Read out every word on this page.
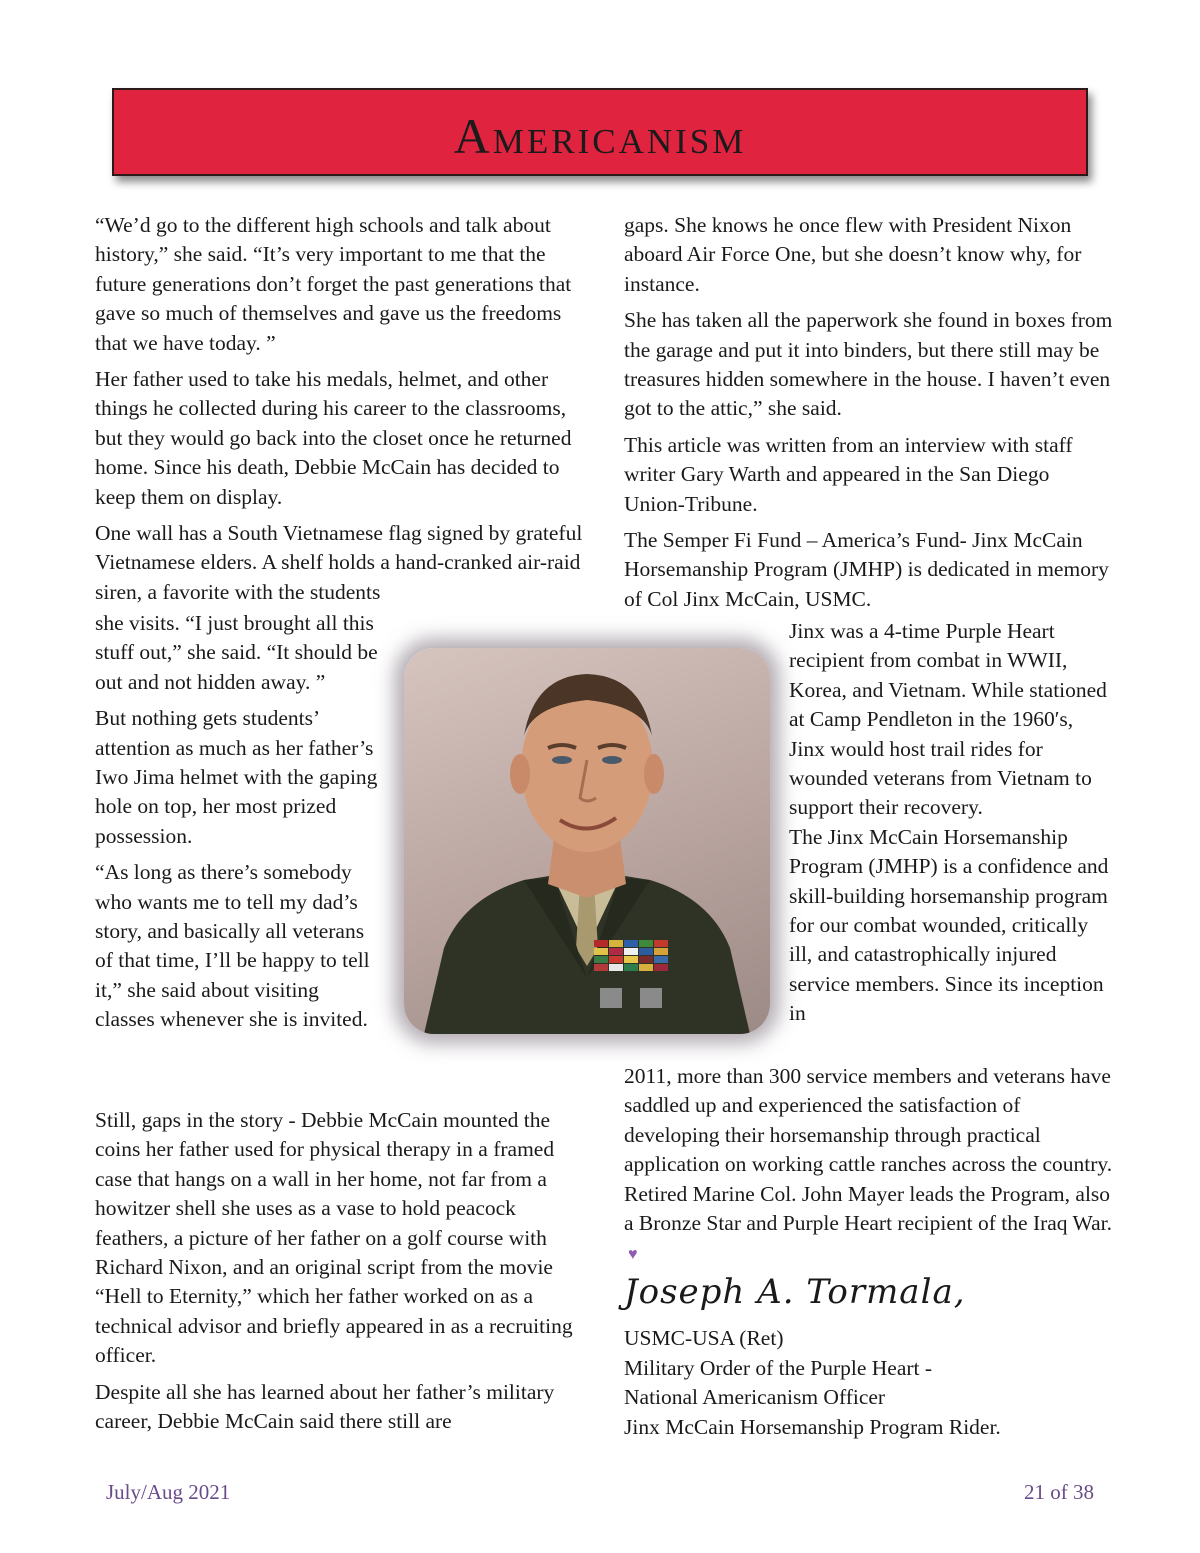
Americanism

“We’d go to the different high schools and talk about history,” she said. “It’s very important to me that the future generations don’t forget the past generations that gave so much of themselves and gave us the freedoms that we have today. ”

Her father used to take his medals, helmet, and other things he collected during his career to the classrooms, but they would go back into the closet once he returned home. Since his death, Debbie McCain has decided to keep them on display.

One wall has a South Vietnamese flag signed by grateful Vietnamese elders. A shelf holds a hand-cranked air-raid siren, a favorite with the students

she visits. “I just brought all this stuff out,” she said. “It should be out and not hidden away. ”

But nothing gets students’ attention as much as her father’s Iwo Jima helmet with the gaping hole on top, her most prized possession.

“As long as there’s somebody who wants me to tell my dad’s story, and basically all veterans of that time, I’ll be happy to tell it,” she said about visiting classes whenever she is invited.

Still, gaps in the story - Debbie McCain mounted the coins her father used for physical therapy in a framed case that hangs on a wall in her home, not far from a howitzer shell she uses as a vase to hold peacock feathers, a picture of her father on a golf course with Richard Nixon, and an original script from the movie “Hell to Eternity,” which her father worked on as a technical advisor and briefly appeared in as a recruiting officer.

Despite all she has learned about her father’s military career, Debbie McCain said there still are

gaps. She knows he once flew with President Nixon aboard Air Force One, but she doesn’t know why, for instance.

She has taken all the paperwork she found in boxes from the garage and put it into binders, but there still may be treasures hidden somewhere in the house. I haven’t even got to the attic,” she said.

This article was written from an interview with staff writer Gary Warth and appeared in the San Diego Union-Tribune.

The Semper Fi Fund – America’s Fund- Jinx McCain Horsemanship Program (JMHP) is dedicated in memory of Col Jinx McCain, USMC.

Jinx was a 4-time Purple Heart recipient from combat in WWII, Korea, and Vietnam. While stationed at Camp Pendleton in the 1960′s, Jinx would host trail rides for wounded veterans from Vietnam to support their recovery.

The Jinx McCain Horsemanship Program (JMHP) is a confidence and skill-building horsemanship program for our combat wounded, critically ill, and catastrophically injured service members. Since its inception in

2011, more than 300 service members and veterans have saddled up and experienced the satisfaction of developing their horsemanship through practical application on working cattle ranches across the country. Retired Marine Col. John Mayer leads the Program, also a Bronze Star and Purple Heart recipient of the Iraq War.♥

Joseph A. Tormala,
USMC-USA (Ret)
Military Order of the Purple Heart -
National Americanism Officer
Jinx McCain Horsemanship Program Rider.
July/Aug 2021	21 of 38
